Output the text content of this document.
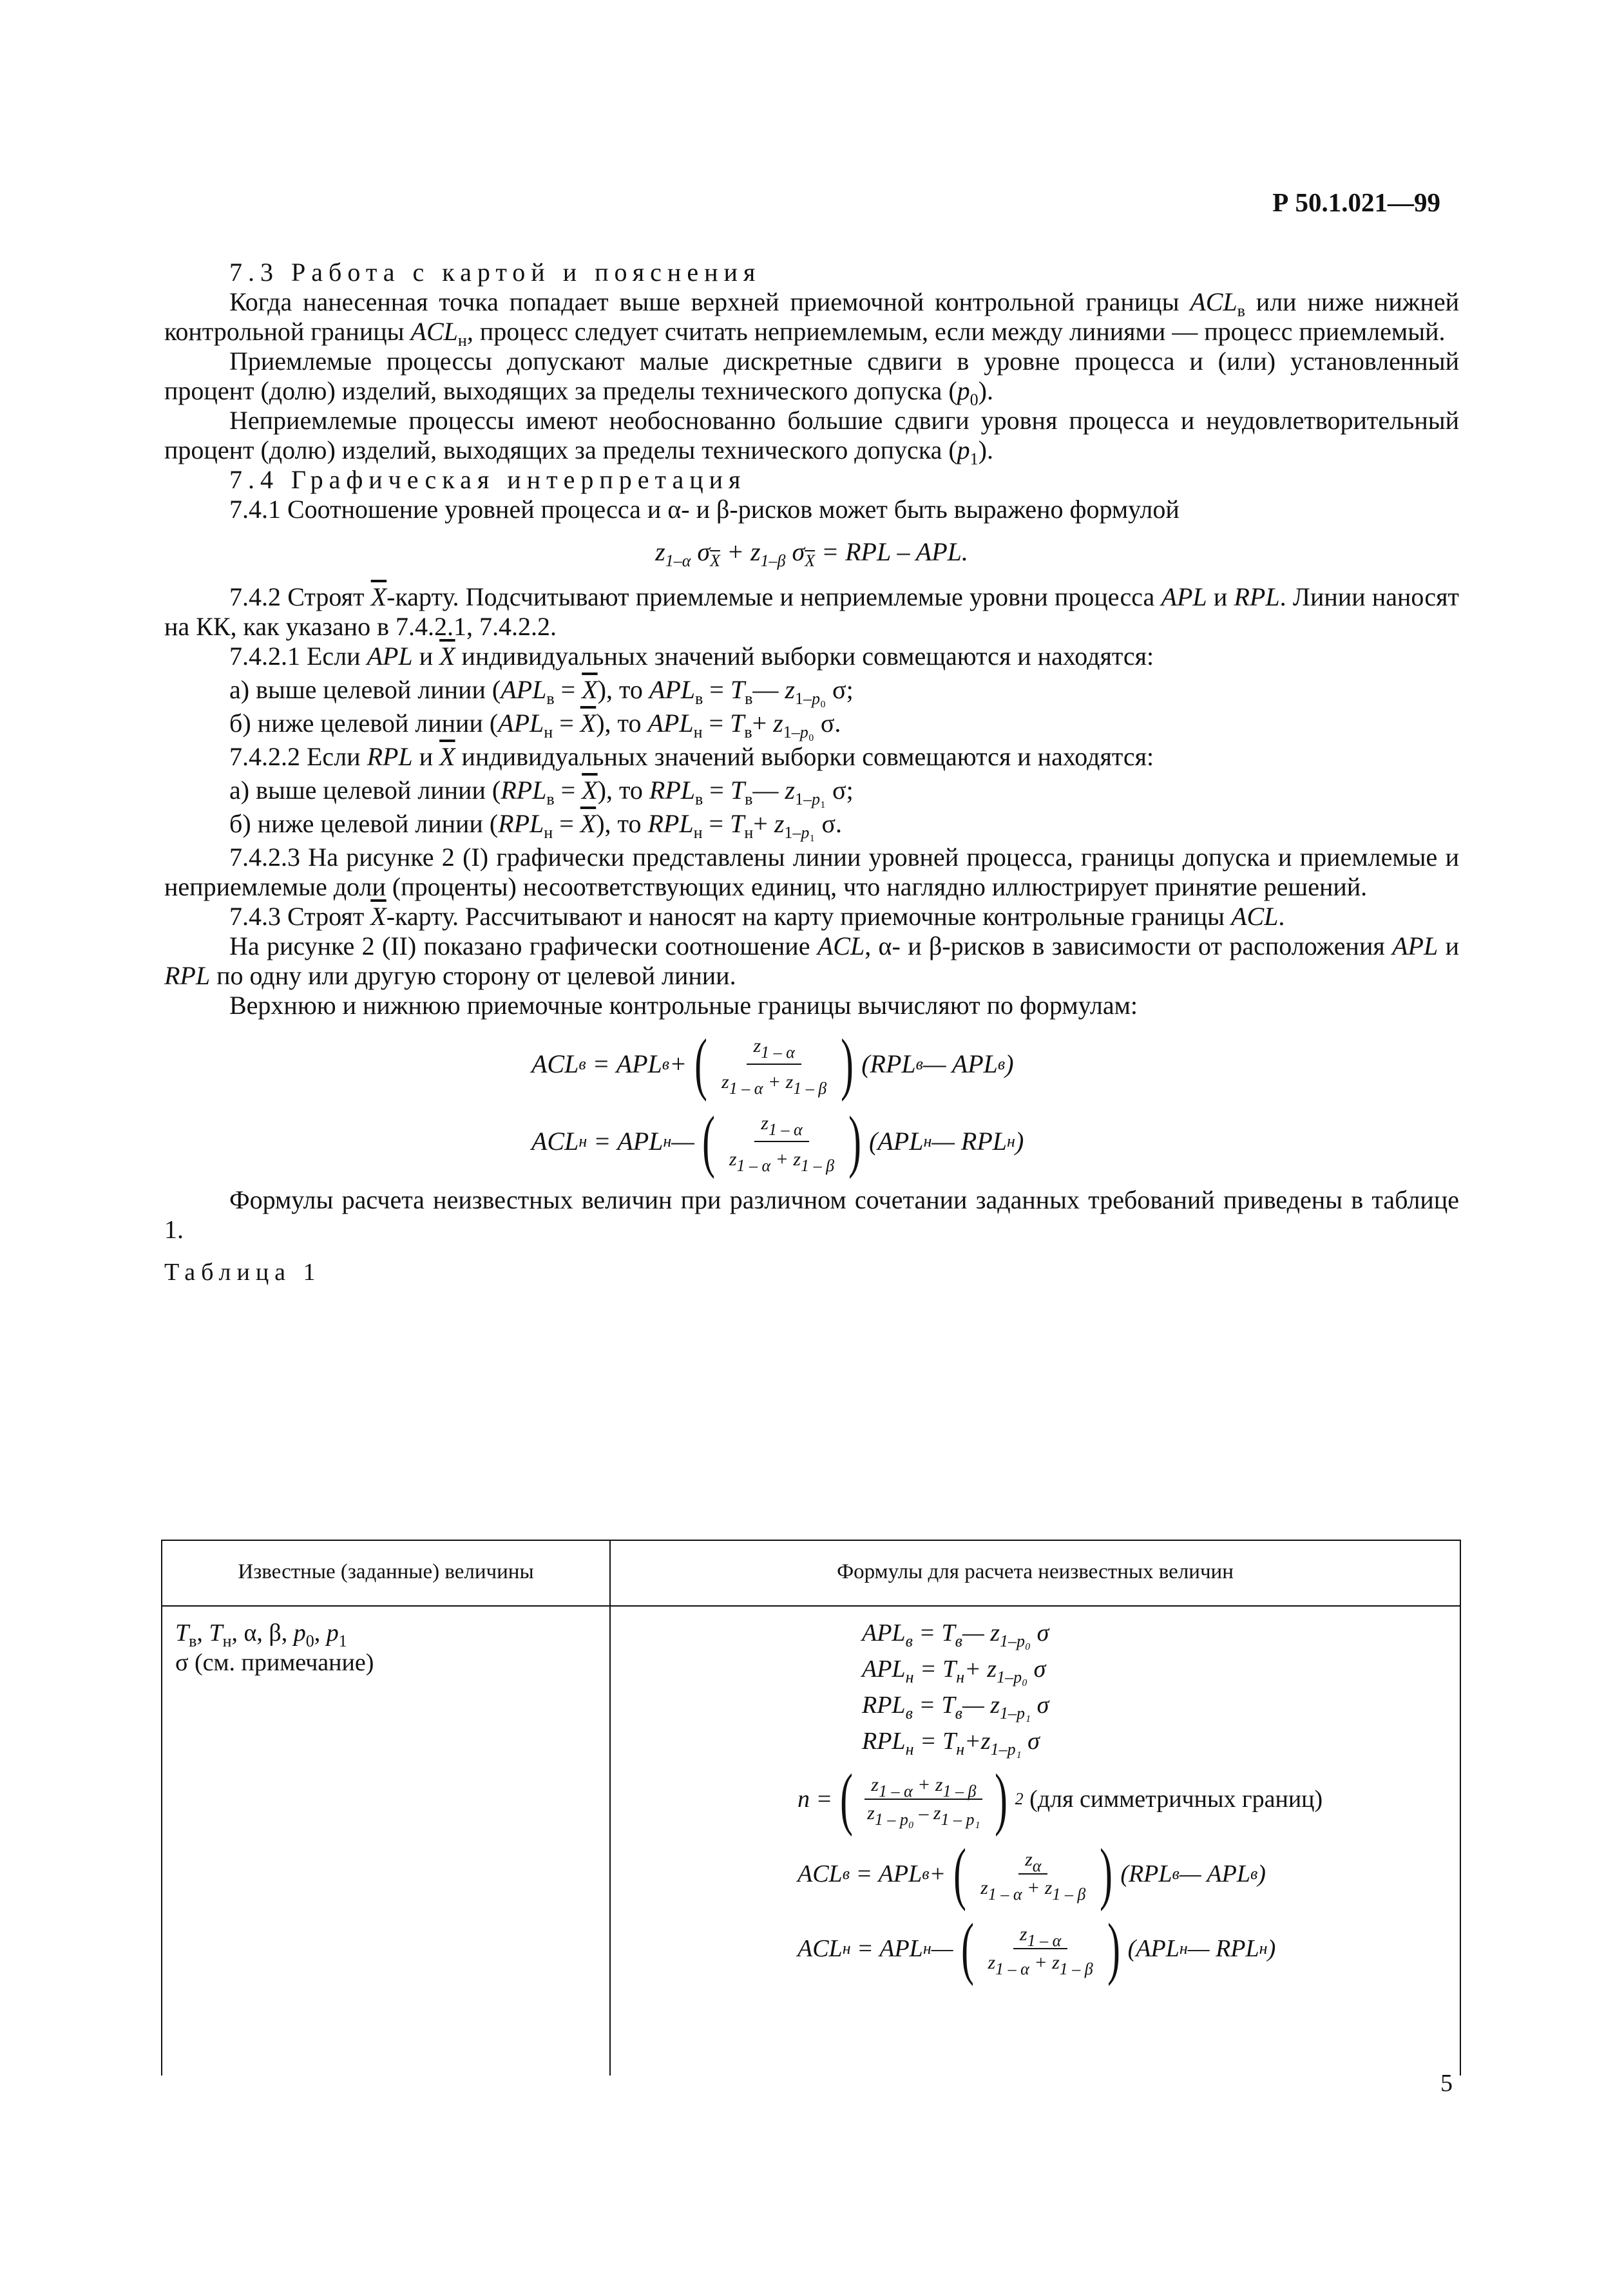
Р 50.1.021—99

7.3 Работа с картой и пояснения

Когда нанесенная точка попадает выше верхней приемочной контрольной границы $ACL_в$ или ниже нижней контрольной границы $ACL_н$, процесс следует считать неприемлемым, если между линиями — процесс приемлемый.

Приемлемые процессы допускают малые дискретные сдвиги в уровне процесса и (или) установленный процент (долю) изделий, выходящих за пределы технического допуска $(p_0)$.

Неприемлемые процессы имеют необоснованно большие сдвиги уровня процесса и неудовлетворительный процент (долю) изделий, выходящих за пределы технического допуска $(p_1)$.

7.4 Графическая интерпретация

7.4.1 Соотношение уровней процесса и α- и β-рисков может быть выражено формулой

$z_{1-\alpha}$ $\sigma_{\overline{X}} + z_{1-\beta}$ $\sigma_{\overline{X}}$ = RPL – APL.

7.4.2 Строят $\overline{X}$-карту. Подсчитывают приемлемые и неприемлемые уровни процесса APL и RPL. Линии наносят на КК, как указано в 7.4.2.1, 7.4.2.2.

7.4.2.1 Если APL и $\overline{X}$ индивидуальных значений выборки совмещаются и находятся:

а) выше целевой линии $(APL_в = \overline{X})$, то $APL_в$ = $T_в—$ $z_{1-p_0}$ σ;
б) ниже целевой линии $(APL_н = \overline{X})$, то $APL_н = T_в+ z_{1-p_0}$ σ.

7.4.2.2 Если RPL и $\overline{X}$ индивидуальных значений выборки совмещаются и находятся:

а) выше целевой линии $(RPL_в = \overline{X})$, то $RPL_в$ = $T_в—$ $z_{1-p_1}$ σ;
б) ниже целевой линии $(RPL_н = \overline{X})$, то $RPL_н = T_н+ z_{1-p_1}$ σ.

7.4.2.3 На рисунке 2 (I) графически представлены линии уровней процесса, границы допуска и приемлемые и неприемлемые доли (проценты) несоответствующих единиц, что наглядно иллюстрирует принятие решений.

7.4.3 Строят $\overline{X}$-карту. Рассчитывают и наносят на карту приемочные контрольные границы ACL.

На рисунке 2 (II) показано графически соотношение ACL, α- и β-рисков в зависимости от расположения APL и RPL по одну или другую сторону от целевой линии.

Верхнюю и нижнюю приемочные контрольные границы вычисляют по формулам:

ACL в = APL в + ( $\frac{z_{1 - \alpha}}{z_{1 - \alpha} + z_{1 - \beta}}$ ) (RPL в — APL в )
ACL н = APL н — ( $\frac{z_{1 - \alpha}}{z_{1 - \alpha} + z_{1 - \beta}}$ ) (APL н — RPL н )

Формулы расчета неизвестных величин при различном сочетании заданных требований приведены в таблице 1.

Таблица 1
Известные (заданные) величины	Формулы для расчета неизвестных величин
$T_в$, $T_н$, α, β, $p_0$, $p_1$
σ (см. примечание)
$APL_в$ = $T_в—$ $z_{1-p_0}$ σ
$APL_н = T_н+ z_{1-p_0}$ σ
$RPL_в$ = $T_в—$ $z_{1-p_1}$ σ
$RPL_н = T_н+z_{1-p_1}$ σ
n = ( $\frac{z_{1 - \alpha} + z_{1 - \beta}}{z_{1 - p_0} - z_{1 - p_1}}$ ) 2
(для симметричных границ)
ACL в = APL в + ( $\frac{z_\alpha}{z_{1 - \alpha} + z_{1 - \beta}}$ ) (RPL в — APL в )
ACL н = APL н — ( $\frac{z_{1 - \alpha}}{z_{1 - \alpha} + z_{1 - \beta}}$ ) (APL н — RPL н )
5
